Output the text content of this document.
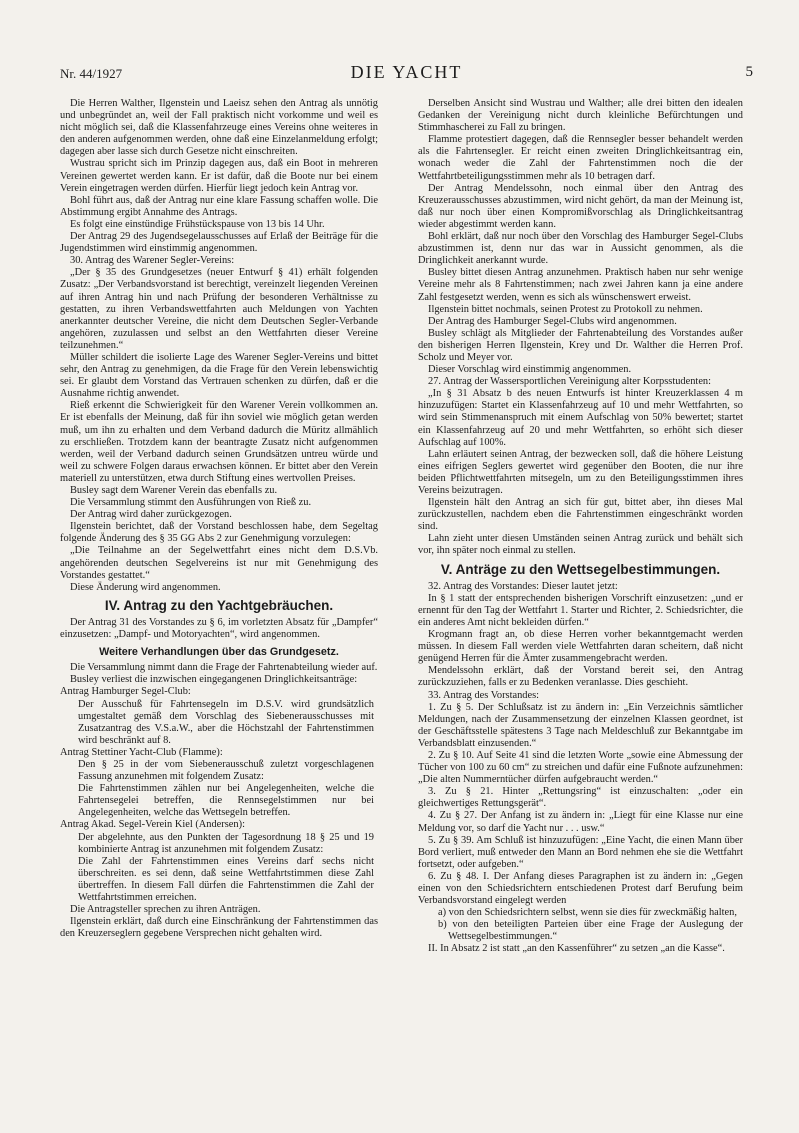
Nr. 44/1927	DIE YACHT	5

Die Herren Walther, Ilgenstein und Laeisz sehen den Antrag als unnötig und unbegründet an, weil der Fall praktisch nicht vorkomme und weil es nicht möglich sei, daß die Klassenfahrzeuge eines Vereins ohne weiteres in den anderen aufgenommen werden, ohne daß eine Einzelanmeldung erfolgt; dagegen aber lasse sich durch Gesetze nicht einschreiten.

Wustrau spricht sich im Prinzip dagegen aus, daß ein Boot in mehreren Vereinen gewertet werden kann. Er ist dafür, daß die Boote nur bei einem Verein eingetragen werden dürfen. Hierfür liegt jedoch kein Antrag vor.

Bohl führt aus, daß der Antrag nur eine klare Fassung schaffen wolle. Die Abstimmung ergibt Annahme des Antrags.

Es folgt eine einstündige Frühstückspause von 13 bis 14 Uhr.

Der Antrag 29 des Jugendsegelausschusses auf Erlaß der Beiträge für die Jugendstimmen wird einstimmig angenommen.

30. Antrag des Warener Segler-Vereins:

„Der § 35 des Grundgesetzes (neuer Entwurf § 41) erhält folgenden Zusatz: „Der Verbandsvorstand ist berechtigt, vereinzelt liegenden Vereinen auf ihren Antrag hin und nach Prüfung der besonderen Verhältnisse zu gestatten, zu ihren Verbandswettfahrten auch Meldungen von Yachten anerkannter deutscher Vereine, die nicht dem Deutschen Segler-Verbande angehören, zuzulassen und selbst an den Wettfahrten dieser Vereine teilzunehmen.“

Müller schildert die isolierte Lage des Warener Segler-Vereins und bittet sehr, den Antrag zu genehmigen, da die Frage für den Verein lebenswichtig sei. Er glaubt dem Vorstand das Vertrauen schenken zu dürfen, daß er die Ausnahme richtig anwendet.

Rieß erkennt die Schwierigkeit für den Warener Verein vollkommen an. Er ist ebenfalls der Meinung, daß für ihn soviel wie möglich getan werden muß, um ihn zu erhalten und dem Verband dadurch die Müritz allmählich zu erschließen. Trotzdem kann der beantragte Zusatz nicht aufgenommen werden, weil der Verband dadurch seinen Grundsätzen untreu würde und weil zu schwere Folgen daraus erwachsen können. Er bittet aber den Verein materiell zu unterstützen, etwa durch Stiftung eines wertvollen Preises.

Busley sagt dem Warener Verein das ebenfalls zu.

Die Versammlung stimmt den Ausführungen von Rieß zu.

Der Antrag wird daher zurückgezogen.

Ilgenstein berichtet, daß der Vorstand beschlossen habe, dem Segeltag folgende Änderung des § 35 GG Abs 2 zur Genehmigung vorzulegen:

„Die Teilnahme an der Segelwettfahrt eines nicht dem D.S.Vb. angehörenden deutschen Segelvereins ist nur mit Genehmigung des Vorstandes gestattet.“

Diese Änderung wird angenommen.

IV. Antrag zu den Yachtgebräuchen.

Der Antrag 31 des Vorstandes zu § 6, im vorletzten Absatz für „Dampfer“ einzusetzen: „Dampf- und Motoryachten“, wird angenommen.

Weitere Verhandlungen über das Grundgesetz.

Die Versammlung nimmt dann die Frage der Fahrtenabteilung wieder auf.

Busley verliest die inzwischen eingegangenen Dringlichkeitsanträge:

Antrag Hamburger Segel-Club:

Der Ausschuß für Fahrtensegeln im D.S.V. wird grundsätzlich umgestaltet gemäß dem Vorschlag des Siebenerausschusses mit Zusatzantrag des V.S.a.W., aber die Höchstzahl der Fahrtenstimmen wird beschränkt auf 8.

Antrag Stettiner Yacht-Club (Flamme):

Den § 25 in der vom Siebenerausschuß zuletzt vorgeschlagenen Fassung anzunehmen mit folgendem Zusatz:

Die Fahrtenstimmen zählen nur bei Angelegenheiten, welche die Fahrtensegelei betreffen, die Rennsegelstimmen nur bei Angelegenheiten, welche das Wettsegeln betreffen.

Antrag Akad. Segel-Verein Kiel (Andersen):

Der abgelehnte, aus den Punkten der Tagesordnung 18 § 25 und 19 kombinierte Antrag ist anzunehmen mit folgendem Zusatz:

Die Zahl der Fahrtenstimmen eines Vereins darf sechs nicht überschreiten. es sei denn, daß seine Wettfahrtstimmen diese Zahl übertreffen. In diesem Fall dürfen die Fahrtenstimmen die Zahl der Wettfahrtstimmen erreichen.

Die Antragsteller sprechen zu ihren Anträgen.

Ilgenstein erklärt, daß durch eine Einschränkung der Fahrtenstimmen das den Kreuzerseglern gegebene Versprechen nicht gehalten wird.

Derselben Ansicht sind Wustrau und Walther; alle drei bitten den idealen Gedanken der Vereinigung nicht durch kleinliche Befürchtungen und Stimmhascherei zu Fall zu bringen.

Flamme protestiert dagegen, daß die Rennsegler besser behandelt werden als die Fahrtensegler. Er reicht einen zweiten Dringlichkeitsantrag ein, wonach weder die Zahl der Fahrtenstimmen noch die der Wettfahrtbeteiligungsstimmen mehr als 10 betragen darf.

Der Antrag Mendelssohn, noch einmal über den Antrag des Kreuzerausschusses abzustimmen, wird nicht gehört, da man der Meinung ist, daß nur noch über einen Kompromißvorschlag als Dringlichkeitsantrag wieder abgestimmt werden kann.

Bohl erklärt, daß nur noch über den Vorschlag des Hamburger Segel-Clubs abzustimmen ist, denn nur das war in Aussicht genommen, als die Dringlichkeit anerkannt wurde.

Busley bittet diesen Antrag anzunehmen. Praktisch haben nur sehr wenige Vereine mehr als 8 Fahrtenstimmen; nach zwei Jahren kann ja eine andere Zahl festgesetzt werden, wenn es sich als wünschenswert erweist.

Ilgenstein bittet nochmals, seinen Protest zu Protokoll zu nehmen.

Der Antrag des Hamburger Segel-Clubs wird angenommen.

Busley schlägt als Mitglieder der Fahrtenabteilung des Vorstandes außer den bisherigen Herren Ilgenstein, Krey und Dr. Walther die Herren Prof. Scholz und Meyer vor.

Dieser Vorschlag wird einstimmig angenommen.

27. Antrag der Wassersportlichen Vereinigung alter Korpsstudenten:

„In § 31 Absatz b des neuen Entwurfs ist hinter Kreuzerklassen 4 m hinzuzufügen: Startet ein Klassenfahrzeug auf 10 und mehr Wettfahrten, so wird sein Stimmenanspruch mit einem Aufschlag von 50% bewertet; startet ein Klassenfahrzeug auf 20 und mehr Wettfahrten, so erhöht sich dieser Aufschlag auf 100%.

Lahn erläutert seinen Antrag, der bezwecken soll, daß die höhere Leistung eines eifrigen Seglers gewertet wird gegenüber den Booten, die nur ihre beiden Pflichtwettfahrten mitsegeln, um zu den Beteiligungsstimmen ihres Vereins beizutragen.

Ilgenstein hält den Antrag an sich für gut, bittet aber, ihn dieses Mal zurückzustellen, nachdem eben die Fahrtenstimmen eingeschränkt worden sind.

Lahn zieht unter diesen Umständen seinen Antrag zurück und behält sich vor, ihn später noch einmal zu stellen.

V. Anträge zu den Wettsegelbestimmungen.

32. Antrag des Vorstandes: Dieser lautet jetzt:

In § 1 statt der entsprechenden bisherigen Vorschrift einzusetzen: „und er ernennt für den Tag der Wettfahrt 1. Starter und Richter, 2. Schiedsrichter, die ein anderes Amt nicht bekleiden dürfen.“

Krogmann fragt an, ob diese Herren vorher bekanntgemacht werden müssen. In diesem Fall werden viele Wettfahrten daran scheitern, daß nicht genügend Herren für die Ämter zusammengebracht werden.

Mendelssohn erklärt, daß der Vorstand bereit sei, den Antrag zurückzuziehen, falls er zu Bedenken veranlasse. Dies geschieht.

33. Antrag des Vorstandes:

1. Zu § 5. Der Schlußsatz ist zu ändern in: „Ein Verzeichnis sämtlicher Meldungen, nach der Zusammensetzung der einzelnen Klassen geordnet, ist der Geschäftsstelle spätestens 3 Tage nach Meldeschluß zur Bekanntgabe im Verbandsblatt einzusenden.“

2. Zu § 10. Auf Seite 41 sind die letzten Worte „sowie eine Abmessung der Tücher von 100 zu 60 cm“ zu streichen und dafür eine Fußnote aufzunehmen: „Die alten Nummerntücher dürfen aufgebraucht werden.“

3. Zu § 21. Hinter „Rettungsring“ ist einzuschalten: „oder ein gleichwertiges Rettungsgerät“.

4. Zu § 27. Der Anfang ist zu ändern in: „Liegt für eine Klasse nur eine Meldung vor, so darf die Yacht nur . . . usw.“

5. Zu § 39. Am Schluß ist hinzuzufügen: „Eine Yacht, die einen Mann über Bord verliert, muß entweder den Mann an Bord nehmen ehe sie die Wettfahrt fortsetzt, oder aufgeben.“

6. Zu § 48. I. Der Anfang dieses Paragraphen ist zu ändern in: „Gegen einen von den Schiedsrichtern entschiedenen Protest darf Berufung beim Verbandsvorstand eingelegt werden

a) von den Schiedsrichtern selbst, wenn sie dies für zweckmäßig halten,

b) von den beteiligten Parteien über eine Frage der Auslegung der Wettsegelbestimmungen.“

II. In Absatz 2 ist statt „an den Kassenführer“ zu setzen „an die Kasse“.
